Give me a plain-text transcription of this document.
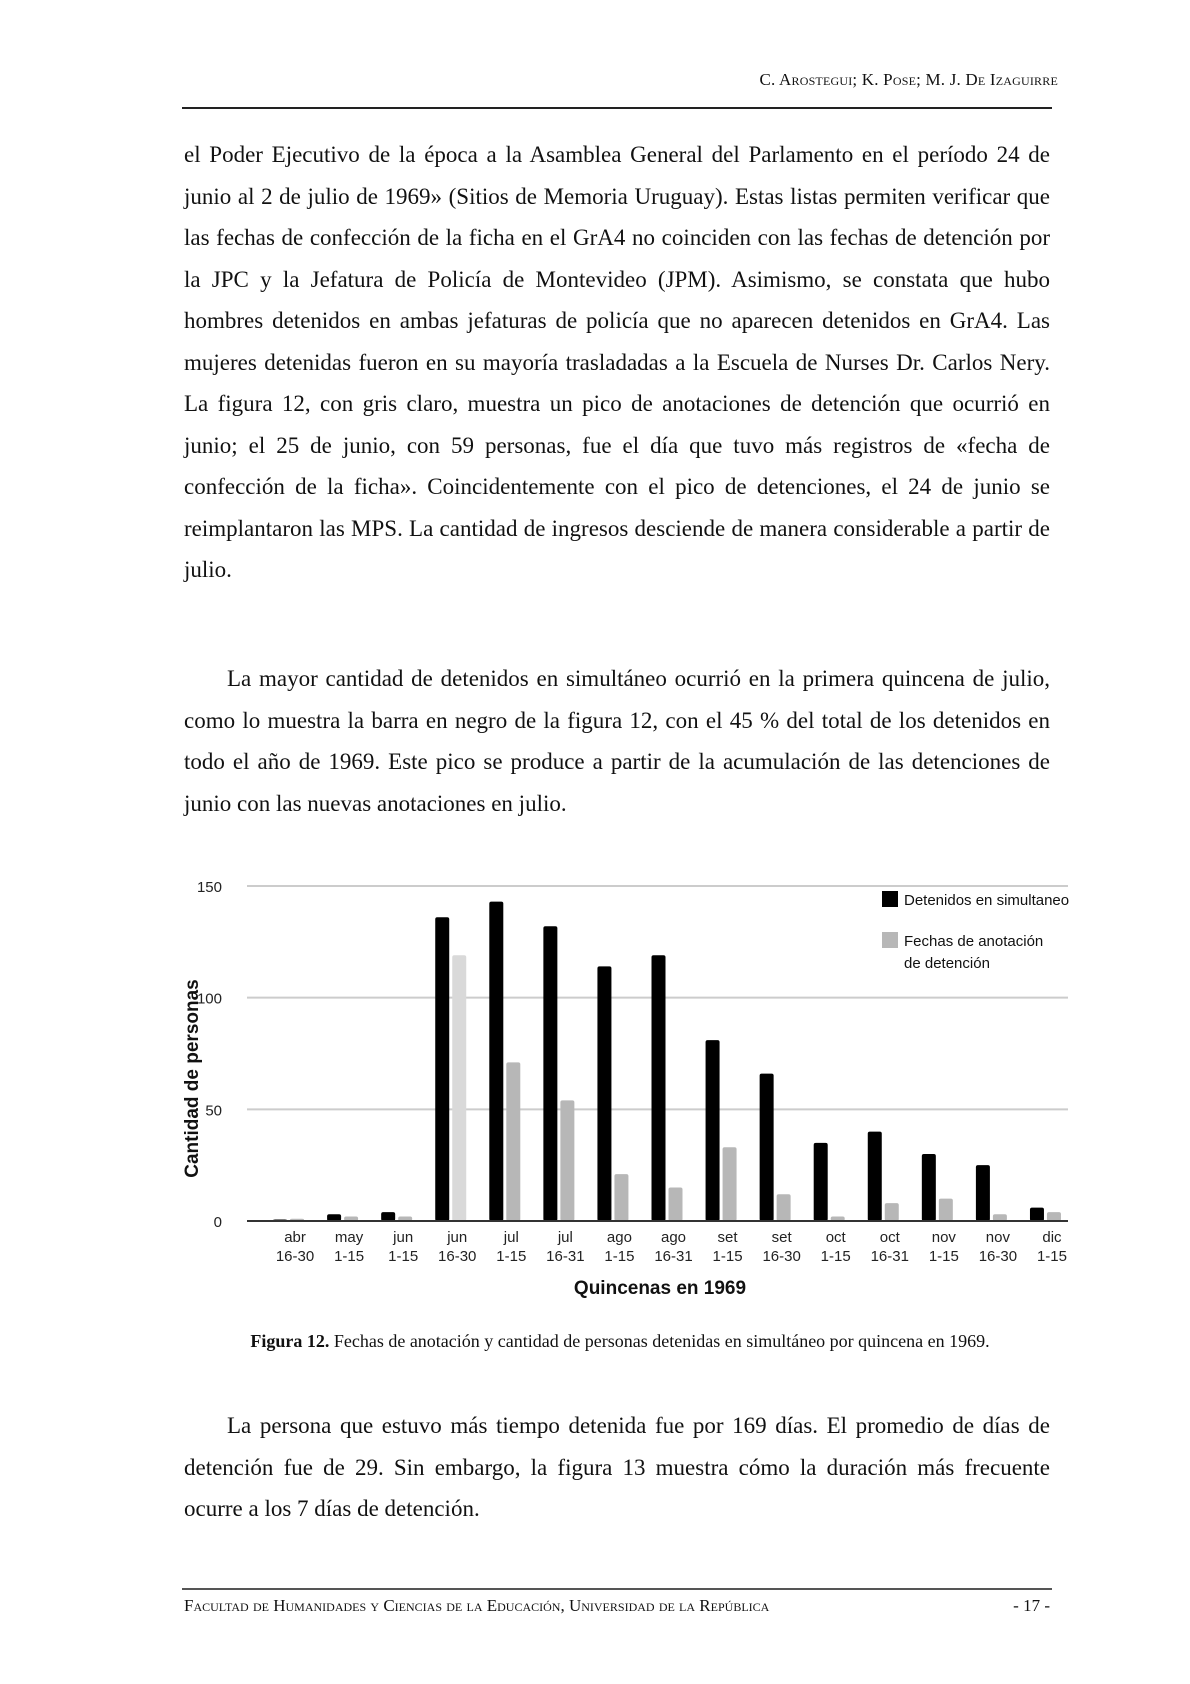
C. Arostegui; K. Pose; M. J. De Izaguirre

el Poder Ejecutivo de la época a la Asamblea General del Parlamento en el período 24 de junio al 2 de julio de 1969» (Sitios de Memoria Uruguay). Estas listas permiten verificar que las fechas de confección de la ficha en el GrA4 no coinciden con las fechas de detención por la JPC y la Jefatura de Policía de Montevideo (JPM). Asimismo, se constata que hubo hombres detenidos en ambas jefaturas de policía que no aparecen detenidos en GrA4. Las mujeres detenidas fueron en su mayoría trasladadas a la Escuela de Nurses Dr. Carlos Nery. La figura 12, con gris claro, muestra un pico de anotaciones de detención que ocurrió en junio; el 25 de junio, con 59 personas, fue el día que tuvo más registros de «fecha de confección de la ficha». Coincidentemente con el pico de detenciones, el 24 de junio se reimplantaron las MPS. La cantidad de ingresos desciende de manera considerable a partir de julio.

La mayor cantidad de detenidos en simultáneo ocurrió en la primera quincena de julio, como lo muestra la barra en negro de la figura 12, con el 45 % del total de los detenidos en todo el año de 1969. Este pico se produce a partir de la acumulación de las detenciones de junio con las nuevas anotaciones en julio.

0
50
100
150
abr
16-30
may
1-15
jun
1-15
jun
16-30
jul
1-15
jul
16-31
ago
1-15
ago
16-31
set
1-15
set
16-30
oct
1-15
oct
16-31
nov
1-15
nov
16-30
dic
1-15
Cantidad de personas
Quincenas en 1969
Detenidos en simultaneo
Fechas de anotación
de detención
Figura 12. Fechas de anotación y cantidad de personas detenidas en simultáneo por quincena en 1969.

La persona que estuvo más tiempo detenida fue por 169 días. El promedio de días de detención fue de 29. Sin embargo, la figura 13 muestra cómo la duración más frecuente ocurre a los 7 días de detención.

Facultad de Humanidades y Ciencias de la Educación, Universidad de la República	- 17 -
